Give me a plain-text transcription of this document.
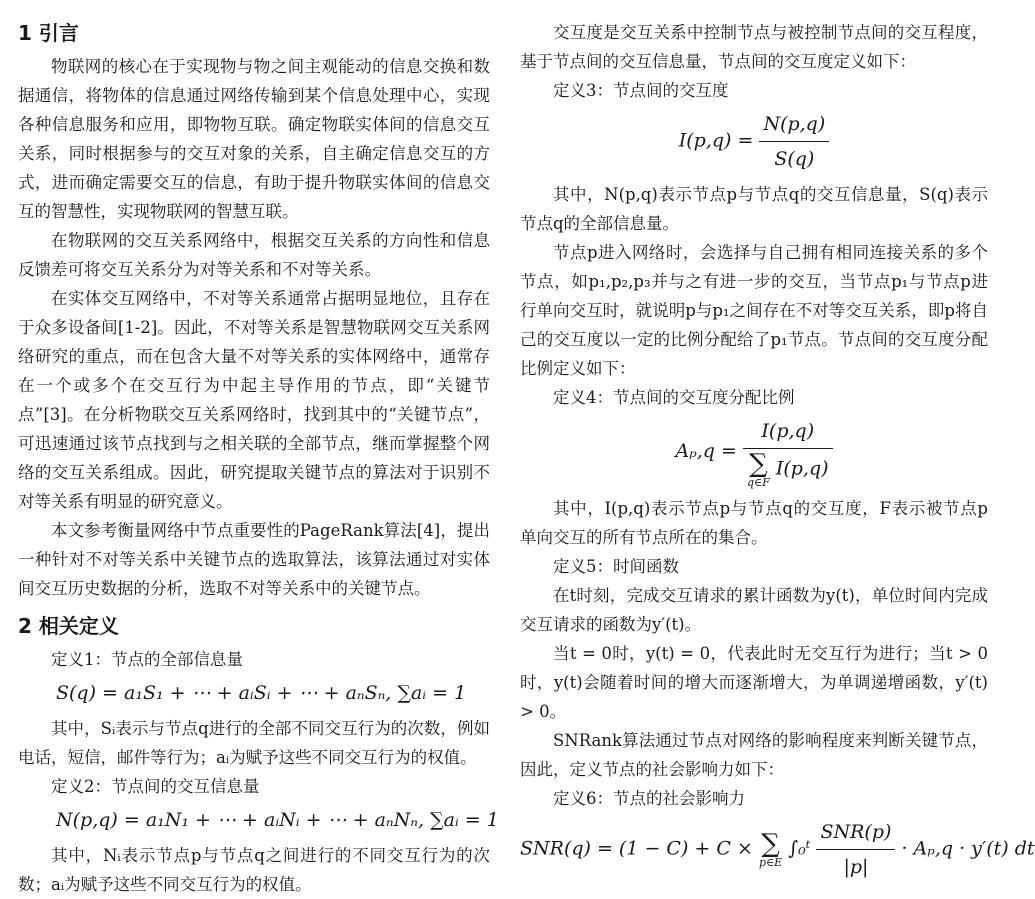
1 引言

物联网的核心在于实现物与物之间主观能动的信息交换和数据通信，将物体的信息通过网络传输到某个信息处理中心，实现各种信息服务和应用，即物物互联。确定物联实体间的信息交互关系，同时根据参与的交互对象的关系，自主确定信息交互的方式，进而确定需要交互的信息，有助于提升物联实体间的信息交互的智慧性，实现物联网的智慧互联。

在物联网的交互关系网络中，根据交互关系的方向性和信息反馈差可将交互关系分为对等关系和不对等关系。

在实体交互网络中，不对等关系通常占据明显地位，且存在于众多设备间[1-2]。因此，不对等关系是智慧物联网交互关系网络研究的重点，而在包含大量不对等关系的实体网络中，通常存在一个或多个在交互行为中起主导作用的节点，即“关键节点”[3]。在分析物联交互关系网络时，找到其中的“关键节点”，可迅速通过该节点找到与之相关联的全部节点，继而掌握整个网络的交互关系组成。因此，研究提取关键节点的算法对于识别不对等关系有明显的研究意义。

本文参考衡量网络中节点重要性的PageRank算法[4]，提出一种针对不对等关系中关键节点的选取算法，该算法通过对实体间交互历史数据的分析，选取不对等关系中的关键节点。

2 相关定义

定义1：节点的全部信息量

S(q) = a₁S₁ + ⋯ + aᵢSᵢ + ⋯ + aₙSₙ, ∑aᵢ = 1

其中，Sᵢ表示与节点q进行的全部不同交互行为的次数，例如电话，短信，邮件等行为；aᵢ为赋予这些不同交互行为的权值。

定义2：节点间的交互信息量

N(p,q) = a₁N₁ + ⋯ + aᵢNᵢ + ⋯ + aₙNₙ, ∑aᵢ = 1

其中，Nᵢ表示节点p与节点q之间进行的不同交互行为的次数；aᵢ为赋予这些不同交互行为的权值。

交互度是交互关系中控制节点与被控制节点间的交互程度，基于节点间的交互信息量，节点间的交互度定义如下：

定义3：节点间的交互度

$I(p,q) = \frac{N(p,q)}{S(q)}$

其中，N(p,q)表示节点p与节点q的交互信息量，S(q)表示节点q的全部信息量。

节点p进入网络时，会选择与自己拥有相同连接关系的多个节点，如p₁,p₂,p₃并与之有进一步的交互，当节点p₁与节点p进行单向交互时，就说明p与p₁之间存在不对等交互关系，即p将自己的交互度以一定的比例分配给了p₁节点。节点间的交互度分配比例定义如下：

定义4：节点间的交互度分配比例

Aₚ,q = I(p,q)
∑
q∈F
I(p,q)

其中，I(p,q)表示节点p与节点q的交互度，F表示被节点p单向交互的所有节点所在的集合。

定义5：时间函数

在t时刻，完成交互请求的累计函数为y(t)，单位时间内完成交互请求的函数为y′(t)。

当t = 0时，y(t) = 0，代表此时无交互行为进行；当t > 0时，y(t)会随着时间的增大而逐渐增大，为单调递增函数，y′(t) > 0。

SNRank算法通过节点对网络的影响程度来判断关键节点，因此，定义节点的社会影响力如下：

定义6：节点的社会影响力

SNR(q) = (1 − C) + C × ∑
p∈E
∫₀ᵗ $\frac{\text{SNR(p)}}{|p|} \cdot A_p,q \cdot y'(t)$ dt
